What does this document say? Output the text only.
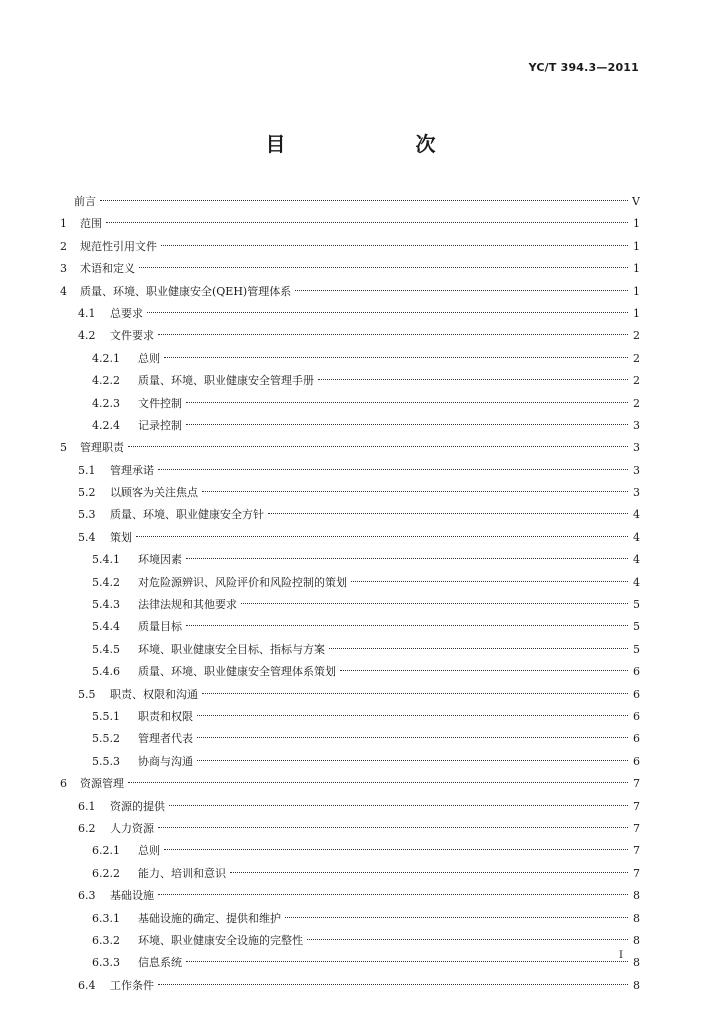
YC/T 394.3—2011
目　　次
前言	V
1	范围	1
2	规范性引用文件	1
3	术语和定义	1
4	质量、环境、职业健康安全(QEH)管理体系	1
4.1	总要求	1
4.2	文件要求	2
4.2.1	总则	2
4.2.2	质量、环境、职业健康安全管理手册	2
4.2.3	文件控制	2
4.2.4	记录控制	3
5	管理职责	3
5.1	管理承诺	3
5.2	以顾客为关注焦点	3
5.3	质量、环境、职业健康安全方针	4
5.4	策划	4
5.4.1	环境因素	4
5.4.2	对危险源辨识、风险评价和风险控制的策划	4
5.4.3	法律法规和其他要求	5
5.4.4	质量目标	5
5.4.5	环境、职业健康安全目标、指标与方案	5
5.4.6	质量、环境、职业健康安全管理体系策划	6
5.5	职责、权限和沟通	6
5.5.1	职责和权限	6
5.5.2	管理者代表	6
5.5.3	协商与沟通	6
6	资源管理	7
6.1	资源的提供	7
6.2	人力资源	7
6.2.1	总则	7
6.2.2	能力、培训和意识	7
6.3	基础设施	8
6.3.1	基础设施的确定、提供和维护	8
6.3.2	环境、职业健康安全设施的完整性	8
6.3.3	信息系统	8
6.4	工作条件	8
I
